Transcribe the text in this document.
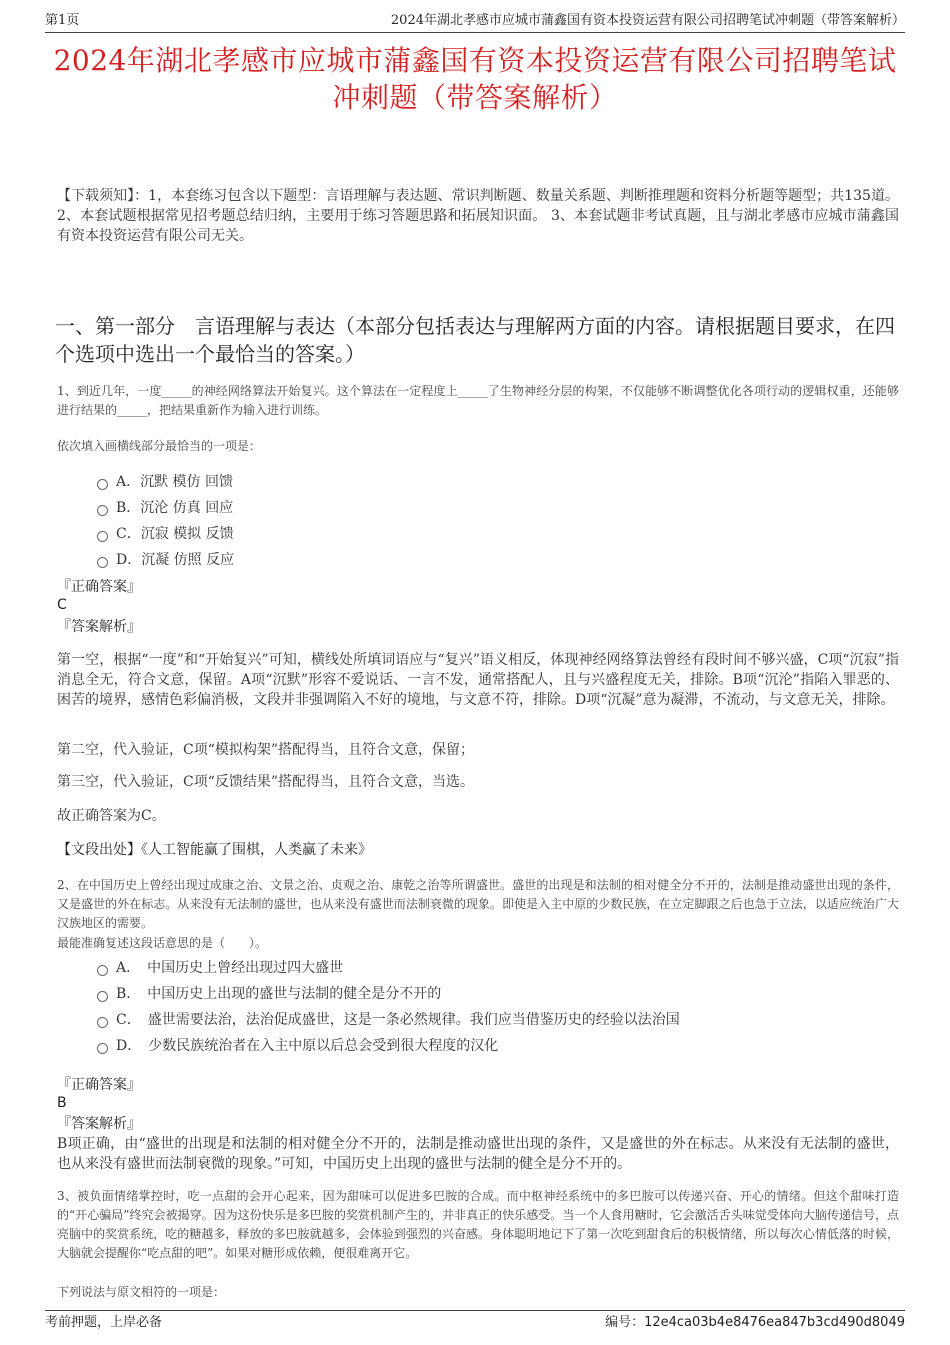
第1页	2024年湖北孝感市应城市蒲鑫国有资本投资运营有限公司招聘笔试冲刺题（带答案解析）
2024年湖北孝感市应城市蒲鑫国有资本投资运营有限公司招聘笔试冲刺题（带答案解析）
【下载须知】：1，本套练习包含以下题型：言语理解与表达题、常识判断题、数量关系题、判断推理题和资料分析题等题型；共135道。 2、本套试题根据常见招考题总结归纳，主要用于练习答题思路和拓展知识面。 3、本套试题非考试真题，且与湖北孝感市应城市蒲鑫国有资本投资运营有限公司无关。
一、第一部分　言语理解与表达（本部分包括表达与理解两方面的内容。请根据题目要求，在四个选项中选出一个最恰当的答案。）
1、到近几年，一度_____的神经网络算法开始复兴。这个算法在一定程度上_____了生物神经分层的构架，不仅能够不断调整优化各项行动的逻辑权重，还能够进行结果的_____，把结果重新作为输入进行训练。
依次填入画横线部分最恰当的一项是：
A．沉默 模仿 回馈
B．沉沦 仿真 回应
C．沉寂 模拟 反馈
D．沉凝 仿照 反应
『正确答案』
C
『答案解析』
第一空，根据“一度”和“开始复兴”可知，横线处所填词语应与“复兴”语义相反，体现神经网络算法曾经有段时间不够兴盛，C项“沉寂”指消息全无，符合文意，保留。A项“沉默”形容不爱说话、一言不发，通常搭配人，且与兴盛程度无关，排除。B项“沉沦”指陷入罪恶的、困苦的境界，感情色彩偏消极，文段并非强调陷入不好的境地，与文意不符，排除。D项“沉凝”意为凝滞，不流动，与文意无关，排除。
第二空，代入验证，C项“模拟构架”搭配得当，且符合文意，保留；
第三空，代入验证，C项“反馈结果”搭配得当，且符合文意，当选。
故正确答案为C。
【文段出处】《人工智能赢了围棋，人类赢了未来》
2、在中国历史上曾经出现过成康之治、文景之治、贞观之治、康乾之治等所谓盛世。盛世的出现是和法制的相对健全分不开的，法制是推动盛世出现的条件，又是盛世的外在标志。从来没有无法制的盛世，也从来没有盛世而法制衰微的现象。即使是入主中原的少数民族，在立定脚跟之后也急于立法，以适应统治广大汉族地区的需要。
最能准确复述这段话意思的是（　　）。
A．　中国历史上曾经出现过四大盛世
B．　中国历史上出现的盛世与法制的健全是分不开的
C．　盛世需要法治，法治促成盛世，这是一条必然规律。我们应当借鉴历史的经验以法治国
D．　少数民族统治者在入主中原以后总会受到很大程度的汉化
『正确答案』
B
『答案解析』
B项正确，由“盛世的出现是和法制的相对健全分不开的，法制是推动盛世出现的条件，又是盛世的外在标志。从来没有无法制的盛世，也从来没有盛世而法制衰微的现象。”可知，中国历史上出现的盛世与法制的健全是分不开的。
3、被负面情绪掌控时，吃一点甜的会开心起来，因为甜味可以促进多巴胺的合成。而中枢神经系统中的多巴胺可以传递兴奋、开心的情绪。但这个甜味打造的“开心骗局”终究会被揭穿。因为这份快乐是多巴胺的奖赏机制产生的，并非真正的快乐感受。当一个人食用糖时，它会激活舌头味觉受体向大脑传递信号，点亮脑中的奖赏系统，吃的糖越多，释放的多巴胺就越多，会体验到强烈的兴奋感。身体聪明地记下了第一次吃到甜食后的积极情绪，所以每次心情低落的时候，大脑就会提醒你“吃点甜的吧”。如果对糖形成依赖，便很难离开它。
下列说法与原文相符的一项是：
考前押题，上岸必备	编号：12e4ca03b4e8476ea847b3cd490d8049
